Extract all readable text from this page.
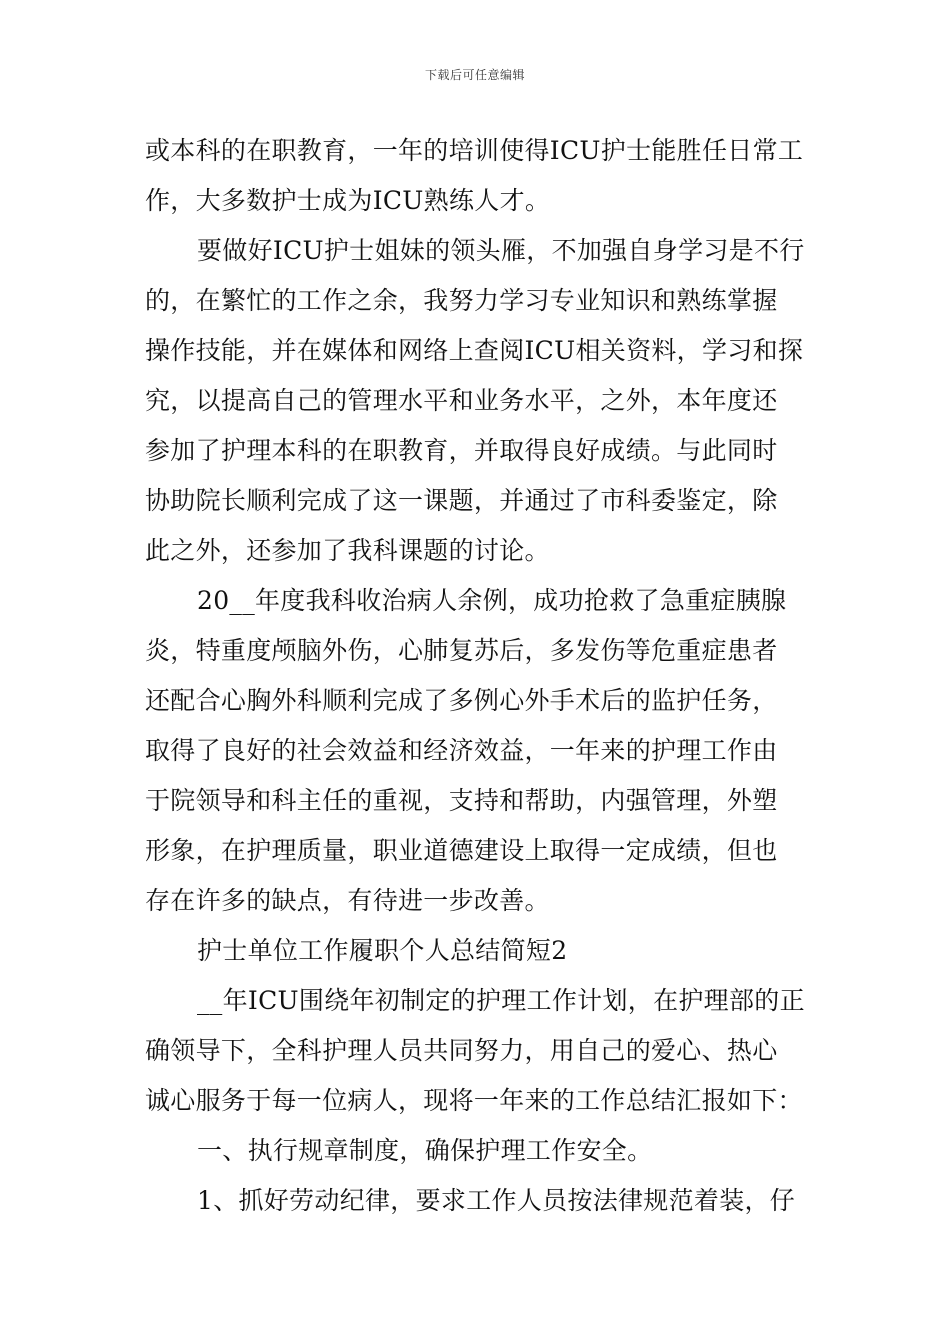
下载后可任意编辑
或本科的在职教育，一年的培训使得ICU护士能胜任日常工
作，大多数护士成为ICU熟练人才。
要做好ICU护士姐妹的领头雁，不加强自身学习是不行
的，在繁忙的工作之余，我努力学习专业知识和熟练掌握
操作技能，并在媒体和网络上查阅ICU相关资料，学习和探
究，以提高自己的管理水平和业务水平，之外，本年度还
参加了护理本科的在职教育，并取得良好成绩。与此同时
协助院长顺利完成了这一课题，并通过了市科委鉴定，除
此之外，还参加了我科课题的讨论。
20__年度我科收治病人余例，成功抢救了急重症胰腺
炎，特重度颅脑外伤，心肺复苏后，多发伤等危重症患者
还配合心胸外科顺利完成了多例心外手术后的监护任务，
取得了良好的社会效益和经济效益，一年来的护理工作由
于院领导和科主任的重视，支持和帮助，内强管理，外塑
形象，在护理质量，职业道德建设上取得一定成绩，但也
存在许多的缺点，有待进一步改善。
护士单位工作履职个人总结简短2
__年ICU围绕年初制定的护理工作计划，在护理部的正
确领导下，全科护理人员共同努力，用自己的爱心、热心
诚心服务于每一位病人，现将一年来的工作总结汇报如下：
一、执行规章制度，确保护理工作安全。
1、抓好劳动纪律，要求工作人员按法律规范着装，仔
